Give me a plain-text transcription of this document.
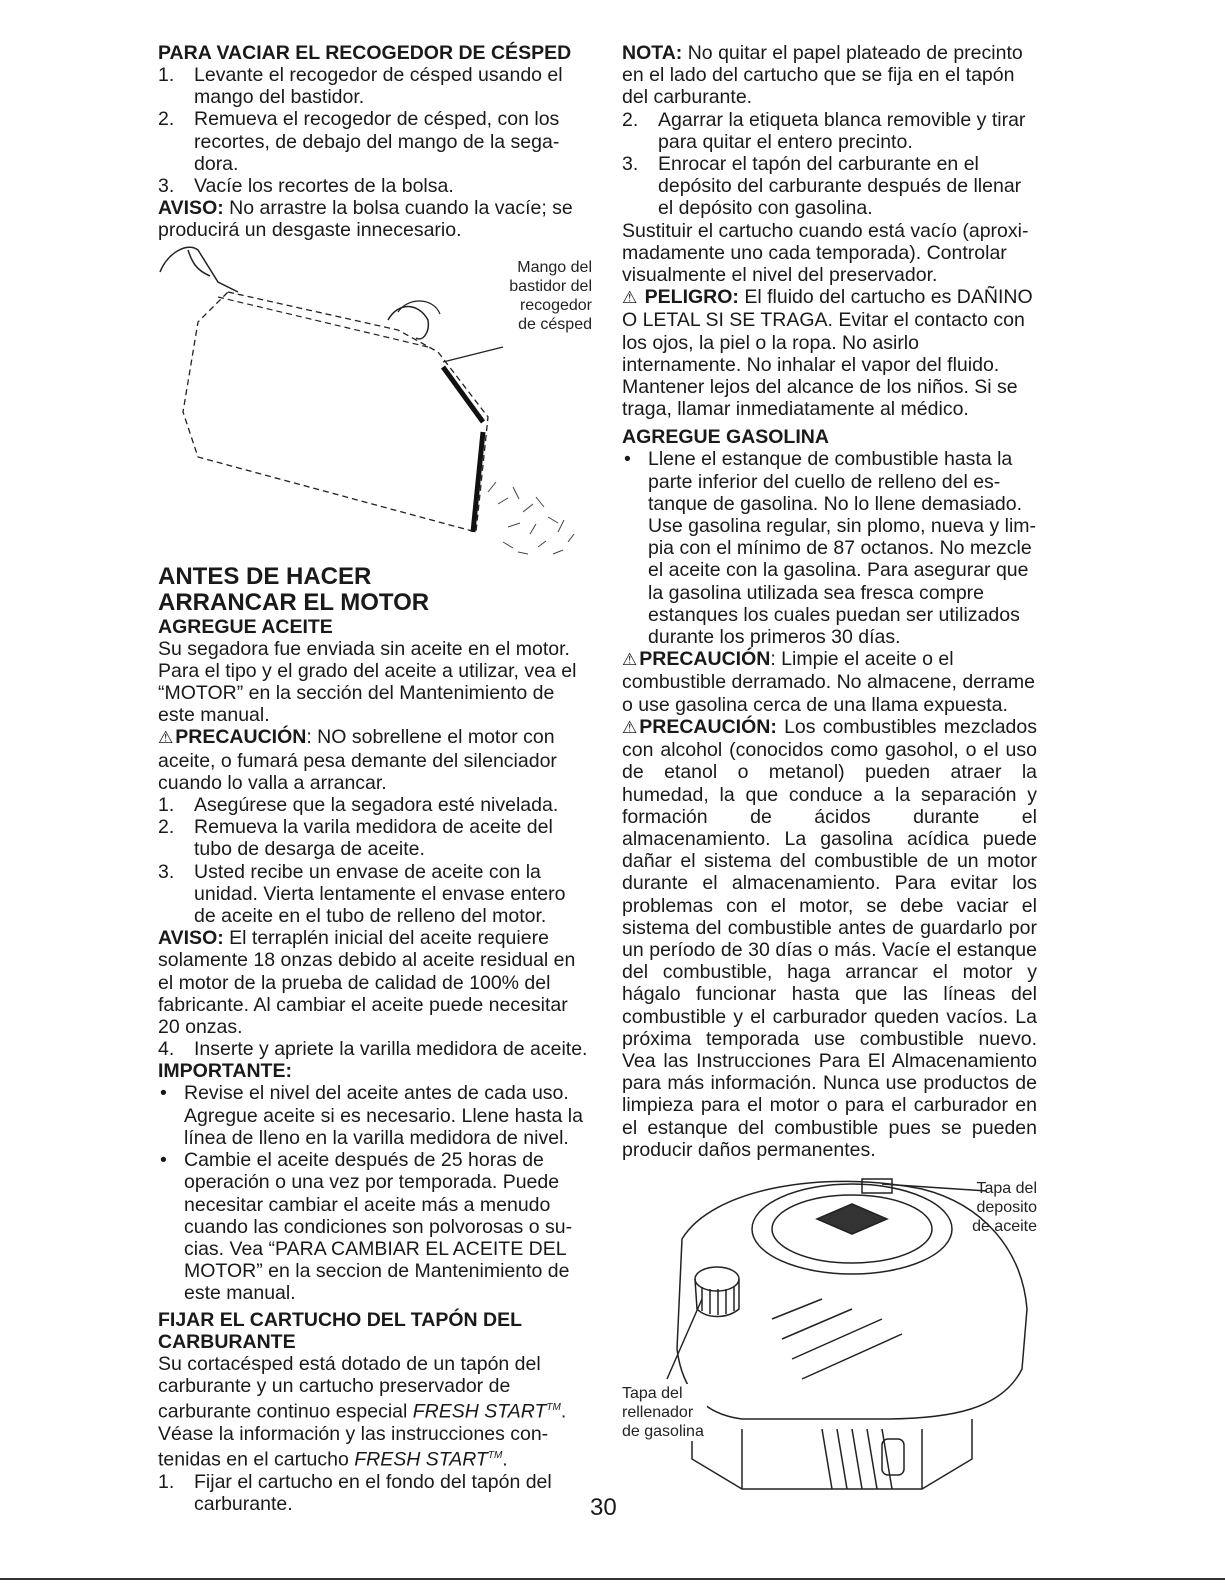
PARA VACIAR EL RECOGEDOR DE CÉSPED

1.	Levante el recogedor de césped usando el mango del bastidor.
2.	Remueva el recogedor de césped, con los recortes, de debajo del mango de la sega-dora.
3.	Vacíe los recortes de la bolsa.

AVISO: No arrastre la bolsa cuando la vacíe; se producirá un desgaste innecesario.

Mango del bastidor del recogedor de césped

ANTES DE HACER
ARRANCAR EL MOTOR

AGREGUE ACEITE

Su segadora fue enviada sin aceite en el motor. Para el tipo y el grado del aceite a utilizar, vea el “MOTOR” en la sección del Mantenimiento de este manual.

⚠ PRECAUCIÓN: NO sobrellene el motor con aceite, o fumará pesa demante del silenciador cuando lo valla a arrancar.

1.	Asegúrese que la segadora esté nivelada.
2.	Remueva la varila medidora de aceite del tubo de desarga de aceite.
3.	Usted recibe un envase de aceite con la unidad. Vierta lentamente el envase entero de aceite en el tubo de relleno del motor.

AVISO: El terraplén inicial del aceite requiere solamente 18 onzas debido al aceite residual en el motor de la prueba de calidad de 100% del fabricante. Al cambiar el aceite puede necesitar 20 onzas.

4.	Inserte y apriete la varilla medidora de aceite.

IMPORTANTE:

• Revise el nivel del aceite antes de cada uso. Agregue aceite si es necesario. Llene hasta la línea de lleno en la varilla medidora de nivel.
• Cambie el aceite después de 25 horas de operación o una vez por temporada. Puede necesitar cambiar el aceite más a menudo cuando las condiciones son polvorosas o su-cias. Vea “PARA CAMBIAR EL ACEITE DEL MOTOR” en la seccion de Mantenimiento de este manual.

FIJAR EL CARTUCHO DEL TAPÓN DEL
CARBURANTE

Su cortacésped está dotado de un tapón del carburante y un cartucho preservador de carburante continuo especial FRESH START™. Véase la información y las instrucciones con-tenidas en el cartucho FRESH START™.

1.	Fijar el cartucho en el fondo del tapón del carburante.

NOTA: No quitar el papel plateado de precinto en el lado del cartucho que se fija en el tapón del carburante.

2.	Agarrar la etiqueta blanca removible y tirar para quitar el entero precinto.
3.	Enrocar el tapón del carburante en el depósito del carburante después de llenar el depósito con gasolina.

Sustituir el cartucho cuando está vacío (aproxi-madamente uno cada temporada). Controlar visualmente el nivel del preservador.

⚠ PELIGRO: El fluido del cartucho es DAÑINO O LETAL SI SE TRAGA. Evitar el contacto con los ojos, la piel o la ropa. No asirlo internamente. No inhalar el vapor del fluido. Mantener lejos del alcance de los niños. Si se traga, llamar inmediatamente al médico.

AGREGUE GASOLINA

• Llene el estanque de combustible hasta la parte inferior del cuello de relleno del es-tanque de gasolina. No lo llene demasiado. Use gasolina regular, sin plomo, nueva y lim-pia con el mínimo de 87 octanos. No mezcle el aceite con la gasolina. Para asegurar que la gasolina utilizada sea fresca compre estanques los cuales puedan ser utilizados durante los primeros 30 días.

⚠ PRECAUCIÓN: Limpie el aceite o el combustible derramado. No almacene, derrame o use gasolina cerca de una llama expuesta.

⚠ PRECAUCIÓN: Los combustibles mezclados con alcohol (conocidos como gasohol, o el uso de etanol o metanol) pueden atraer la humedad, la que conduce a la separación y formación de ácidos durante el almacenamiento. La gasolina acídica puede dañar el sistema del combustible de un motor durante el almacenamiento. Para evitar los problemas con el motor, se debe vaciar el sistema del combustible antes de guardarlo por un período de 30 días o más. Vacíe el estanque del combustible, haga arrancar el motor y hágalo funcionar hasta que las líneas del combustible y el carburador queden vacíos. La próxima temporada use combustible nuevo. Vea las Instrucciones Para El Almacenamiento para más información. Nunca use productos de limpieza para el motor o para el carburador en el estanque del combustible pues se pueden producir daños permanentes.

Tapa del deposito de aceite
Tapa del rellenador de gasolina
30
